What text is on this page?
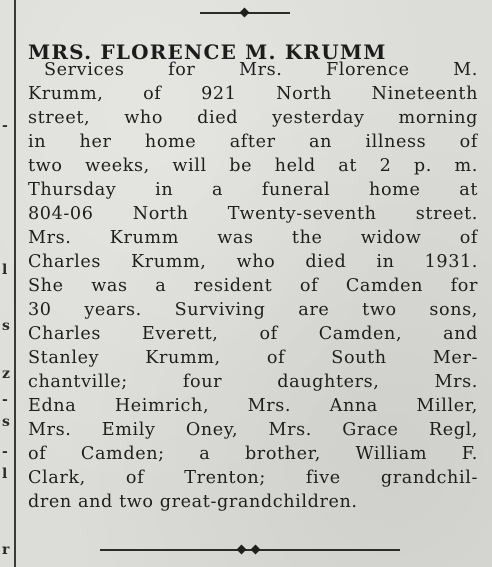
-
l
s
z
-
s
-
l
r
MRS. FLORENCE M. KRUMM
Services for Mrs. Florence M.
Krumm, of 921 North Nineteenth
street, who died yesterday morning
in her home after an illness of
two weeks, will be held at 2 p. m.
Thursday in a funeral home at
804-06 North Twenty-seventh street.
Mrs. Krumm was the widow of
Charles Krumm, who died in 1931.
She was a resident of Camden for
30 years. Surviving are two sons,
Charles Everett, of Camden, and
Stanley Krumm, of South Mer-
chantville; four daughters, Mrs.
Edna Heimrich, Mrs. Anna Miller,
Mrs. Emily Oney, Mrs. Grace Regl,
of Camden; a brother, William F.
Clark, of Trenton; five grandchil-
dren and two great-grandchildren.
